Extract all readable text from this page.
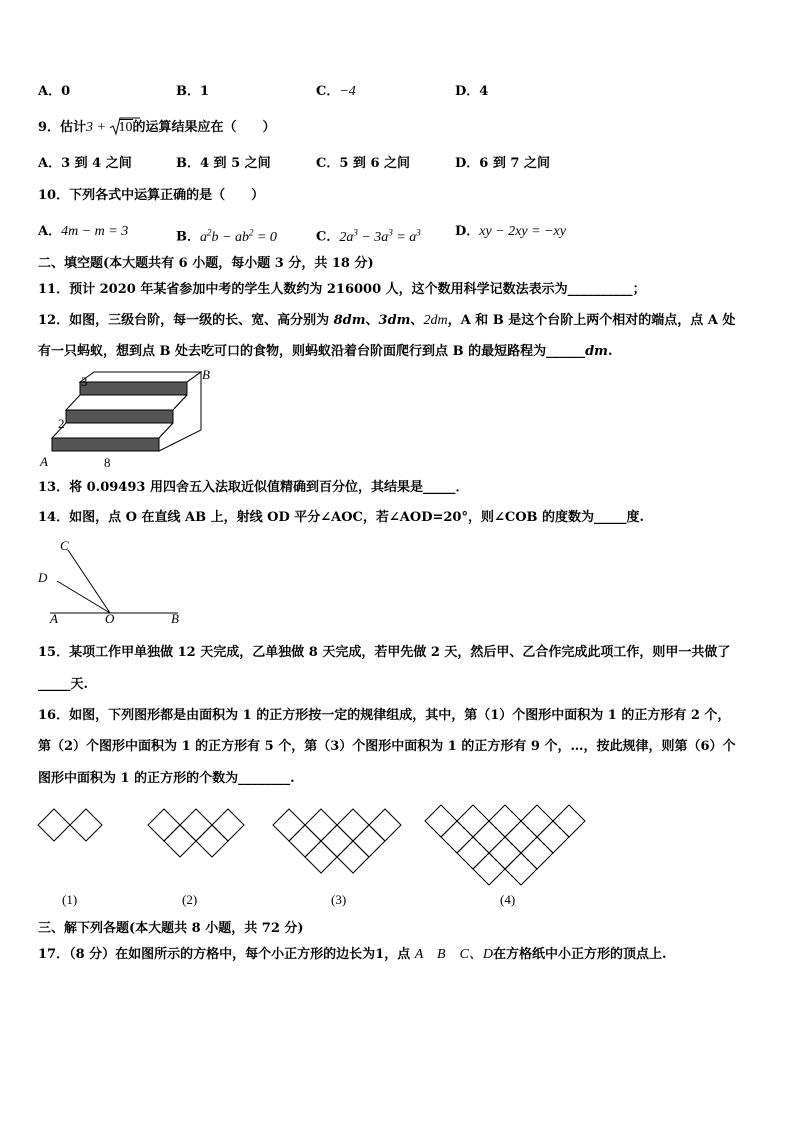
A．0	B．1	C．−4	D．4
9．估计3 +
10的运算结果应在（　　）
A．3 到 4 之间	B．4 到 5 之间	C．5 到 6 之间	D．6 到 7 之间
10．下列各式中运算正确的是（　　）
A．4m − m = 3	B．$a^2b - ab^2 = 0$	C．$2a^3 - 3a^3 = a^3$	D．xy − 2xy = −xy
二、填空题(本大题共有 6 小题，每小题 3 分，共 18 分)
11．预计 2020 年某省参加中考的学生人数约为 216000 人，这个数用科学记数法表示为__________；
12．如图，三级台阶，每一级的长、宽、高分别为 8dm、3dm、2dm，A 和 B 是这个台阶上两个相对的端点，点 A 处
有一只蚂蚁，想到点 B 处去吃可口的食物，则蚂蚁沿着台阶面爬行到点 B 的最短路程为______dm.
3
2
8
A
B
13．将 0.09493 用四舍五入法取近似值精确到百分位，其结果是_____．
14．如图，点 O 在直线 AB 上，射线 OD 平分∠AOC，若∠AOD=20°，则∠COB 的度数为_____度.
C
D
A	O	B
15．某项工作甲单独做 12 天完成，乙单独做 8 天完成，若甲先做 2 天，然后甲、乙合作完成此项工作，则甲一共做了
_____天.
16．如图，下列图形都是由面积为 1 的正方形按一定的规律组成，其中，第（1）个图形中面积为 1 的正方形有 2 个，
第（2）个图形中面积为 1 的正方形有 5 个，第（3）个图形中面积为 1 的正方形有 9 个，…，按此规律，则第（6）个
图形中面积为 1 的正方形的个数为________.
(1)	(2)	(3)	(4)
三、解下列各题(本大题共 8 小题，共 72 分)
17．（8 分）在如图所示的方格中，每个小正方形的边长为1，点 A　B　C、D在方格纸中小正方形的顶点上.
